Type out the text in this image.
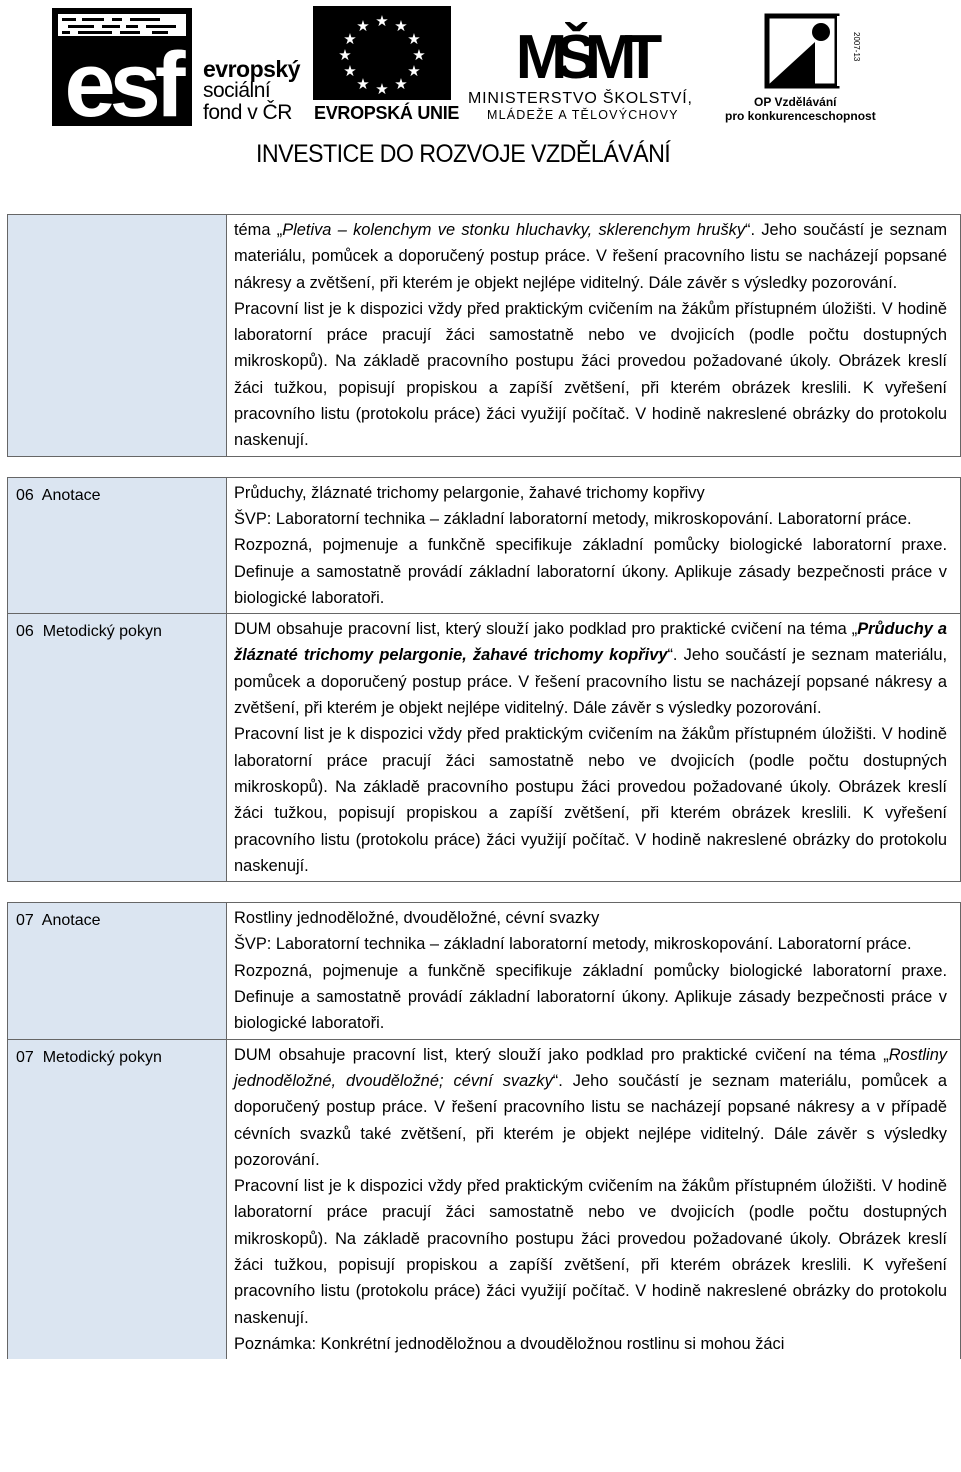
esf evropský
sociální
fond v ČR
★ ★
★
★
★
★
★
★
★
★
★
★
EVROPSKÁ UNIE
MŠMT
MINISTERSTVO ŠKOLSTVÍ,
MLÁDEŽE A TĚLOVÝCHOVY
2007-13
OP Vzdělávání
pro konkurenceschopnost
INVESTICE DO ROZVOJE VZDĚLÁVÁNÍ

	téma „Pletiva – kolenchym ve stonku hluchavky, sklerenchym hrušky“. Jeho součástí je seznam materiálu, pomůcek a doporučený postup práce. V řešení pracovního listu se nacházejí popsané nákresy a zvětšení, při kterém je objekt nejlépe viditelný. Dále závěr s výsledky pozorování.

Pracovní list je k dispozici vždy před praktickým cvičením na žákům přístupném úložišti. V hodině laboratorní práce pracují žáci samostatně nebo ve dvojicích (podle počtu dostupných mikroskopů). Na základě pracovního postupu žáci provedou požadované úkoly. Obrázek kreslí žáci tužkou, popisují propiskou a zapíší zvětšení, při kterém obrázek kreslili. K vyřešení pracovního listu (protokolu práce) žáci využijí počítač. V hodině nakreslené obrázky do protokolu naskenují.

06  Anotace	Průduchy, žláznaté trichomy pelargonie, žahavé trichomy kopřivy

ŠVP: Laboratorní technika – základní laboratorní metody, mikroskopování. Laboratorní práce.

Rozpozná, pojmenuje a funkčně specifikuje základní pomůcky biologické laboratorní praxe. Definuje a samostatně provádí základní laboratorní úkony. Aplikuje zásady bezpečnosti práce v biologické laboratoři.

06  Metodický pokyn	DUM obsahuje pracovní list, který slouží jako podklad pro praktické cvičení na téma „Průduchy a žláznaté trichomy pelargonie, žahavé trichomy kopřivy“. Jeho součástí je seznam materiálu, pomůcek a doporučený postup práce. V řešení pracovního listu se nacházejí popsané nákresy a zvětšení, při kterém je objekt nejlépe viditelný. Dále závěr s výsledky pozorování.

Pracovní list je k dispozici vždy před praktickým cvičením na žákům přístupném úložišti. V hodině laboratorní práce pracují žáci samostatně nebo ve dvojicích (podle počtu dostupných mikroskopů). Na základě pracovního postupu žáci provedou požadované úkoly. Obrázek kreslí žáci tužkou, popisují propiskou a zapíší zvětšení, při kterém obrázek kreslili. K vyřešení pracovního listu (protokolu práce) žáci využijí počítač. V hodině nakreslené obrázky do protokolu naskenují.

07  Anotace	Rostliny jednoděložné, dvouděložné, cévní svazky

ŠVP: Laboratorní technika – základní laboratorní metody, mikroskopování. Laboratorní práce.

Rozpozná, pojmenuje a funkčně specifikuje základní pomůcky biologické laboratorní praxe. Definuje a samostatně provádí základní laboratorní úkony. Aplikuje zásady bezpečnosti práce v biologické laboratoři.

07  Metodický pokyn	DUM obsahuje pracovní list, který slouží jako podklad pro praktické cvičení na téma „Rostliny jednoděložné, dvouděložné; cévní svazky“. Jeho součástí je seznam materiálu, pomůcek a doporučený postup práce. V řešení pracovního listu se nacházejí popsané nákresy a v případě cévních svazků také zvětšení, při kterém je objekt nejlépe viditelný. Dále závěr s výsledky pozorování.

Pracovní list je k dispozici vždy před praktickým cvičením na žákům přístupném úložišti. V hodině laboratorní práce pracují žáci samostatně nebo ve dvojicích (podle počtu dostupných mikroskopů). Na základě pracovního postupu žáci provedou požadované úkoly. Obrázek kreslí žáci tužkou, popisují propiskou a zapíší zvětšení, při kterém obrázek kreslili. K vyřešení pracovního listu (protokolu práce) žáci využijí počítač. V hodině nakreslené obrázky do protokolu naskenují.

Poznámka: Konkrétní jednoděložnou a dvouděložnou rostlinu si mohou žáci
